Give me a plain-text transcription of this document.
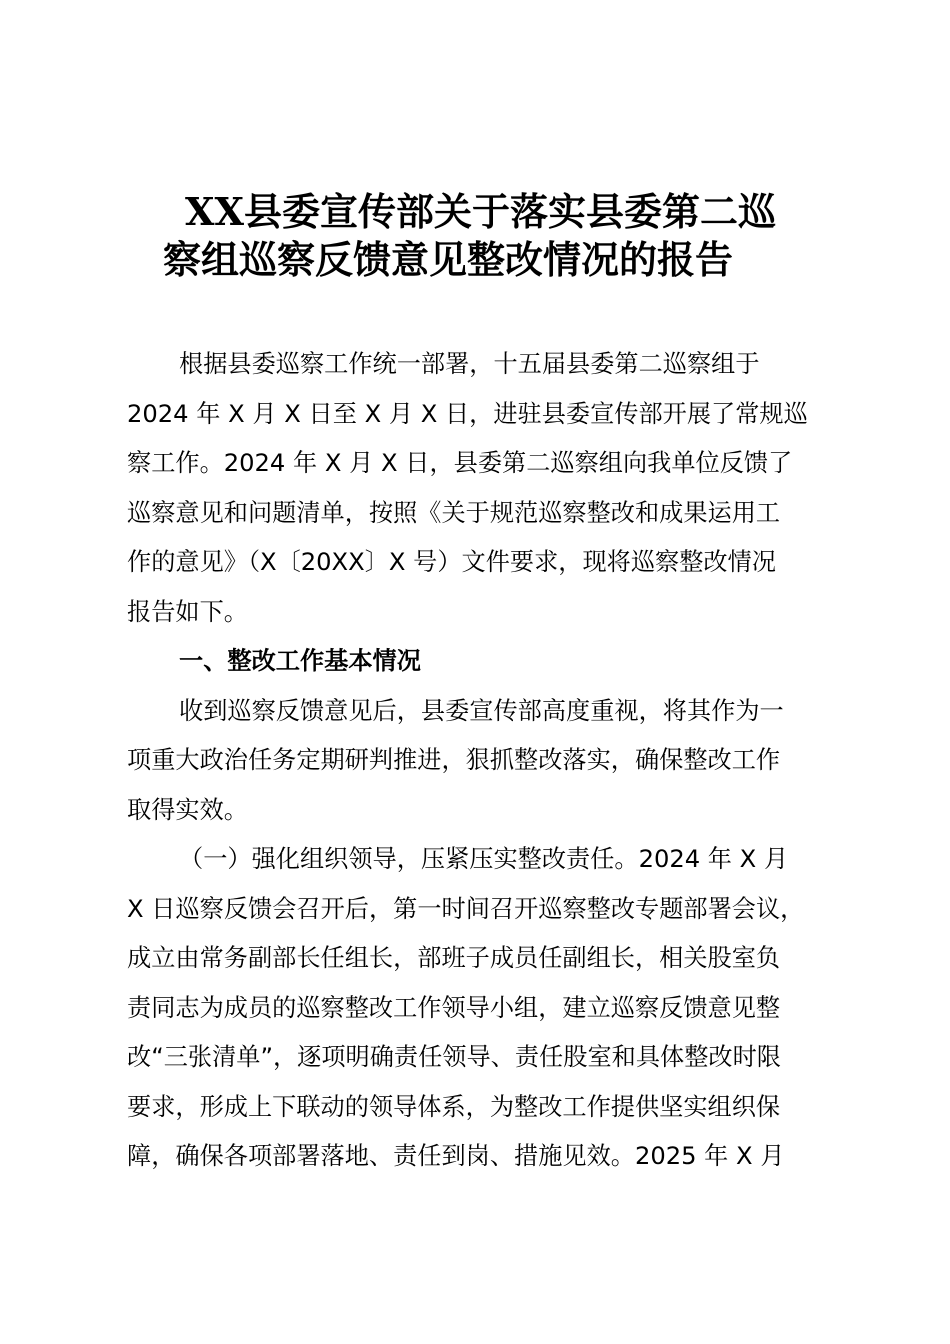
XX县委宣传部关于落实县委第二巡
察组巡察反馈意见整改情况的报告
根据县委巡察工作统一部署，十五届县委第二巡察组于
2024 年 X 月 X 日至 X 月 X 日，进驻县委宣传部开展了常规巡
察工作。2024 年 X 月 X 日，县委第二巡察组向我单位反馈了
巡察意见和问题清单，按照《关于规范巡察整改和成果运用工
作的意见》（X〔20XX〕X 号）文件要求，现将巡察整改情况
报告如下。
一、整改工作基本情况
收到巡察反馈意见后，县委宣传部高度重视，将其作为一
项重大政治任务定期研判推进，狠抓整改落实，确保整改工作
取得实效。
（一）强化组织领导，压紧压实整改责任。2024 年 X 月
X 日巡察反馈会召开后，第一时间召开巡察整改专题部署会议，
成立由常务副部长任组长，部班子成员任副组长，相关股室负
责同志为成员的巡察整改工作领导小组，建立巡察反馈意见整
改“三张清单”，逐项明确责任领导、责任股室和具体整改时限
要求，形成上下联动的领导体系，为整改工作提供坚实组织保
障，确保各项部署落地、责任到岗、措施见效。2025 年 X 月
